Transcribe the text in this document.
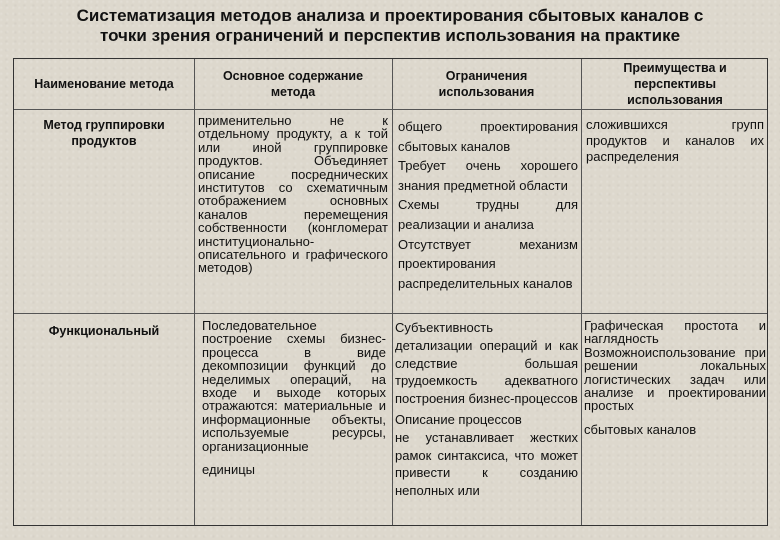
Систематизация методов анализа и проектирования сбытовых каналов с
точки зрения ограничений и перспектив использования на практике
Наименование метода
Основное содержание метода
Ограничения использования
Преимущества и перспективы использования
Метод группировки продуктов
применительно не к отдельному продукту, а к той или иной группировке продуктов. Объединяет описание посреднических институтов со схематичным отображением основных каналов перемещения собственности (конгломерат институционально-описательного и графического методов)

общего проектирования сбытовых каналов

Требует очень хорошего знания предметной области

Схемы трудны для реализации и анализа

Отсутствует механизм проектирования распределительных каналов

сложившихся групп продуктов и каналов их распределения
Функциональный	Последовательное построение схемы бизнес-процесса в виде декомпозиции функций до неделимых операций, на входе и выходе которых отражаются: материальные и информационные объекты, используемые ресурсы, организационные

единицы

Субъективность

детализации операций и как следствие большая трудоемкость адекватного построения бизнес-процессов

Описание процессов

не устанавливает жестких рамок синтаксиса, что может привести к созданию неполных или

Графическая простота и наглядность

Возможноиспользование при решении локальных логистических задач или анализе и проектировании простых

сбытовых каналов
